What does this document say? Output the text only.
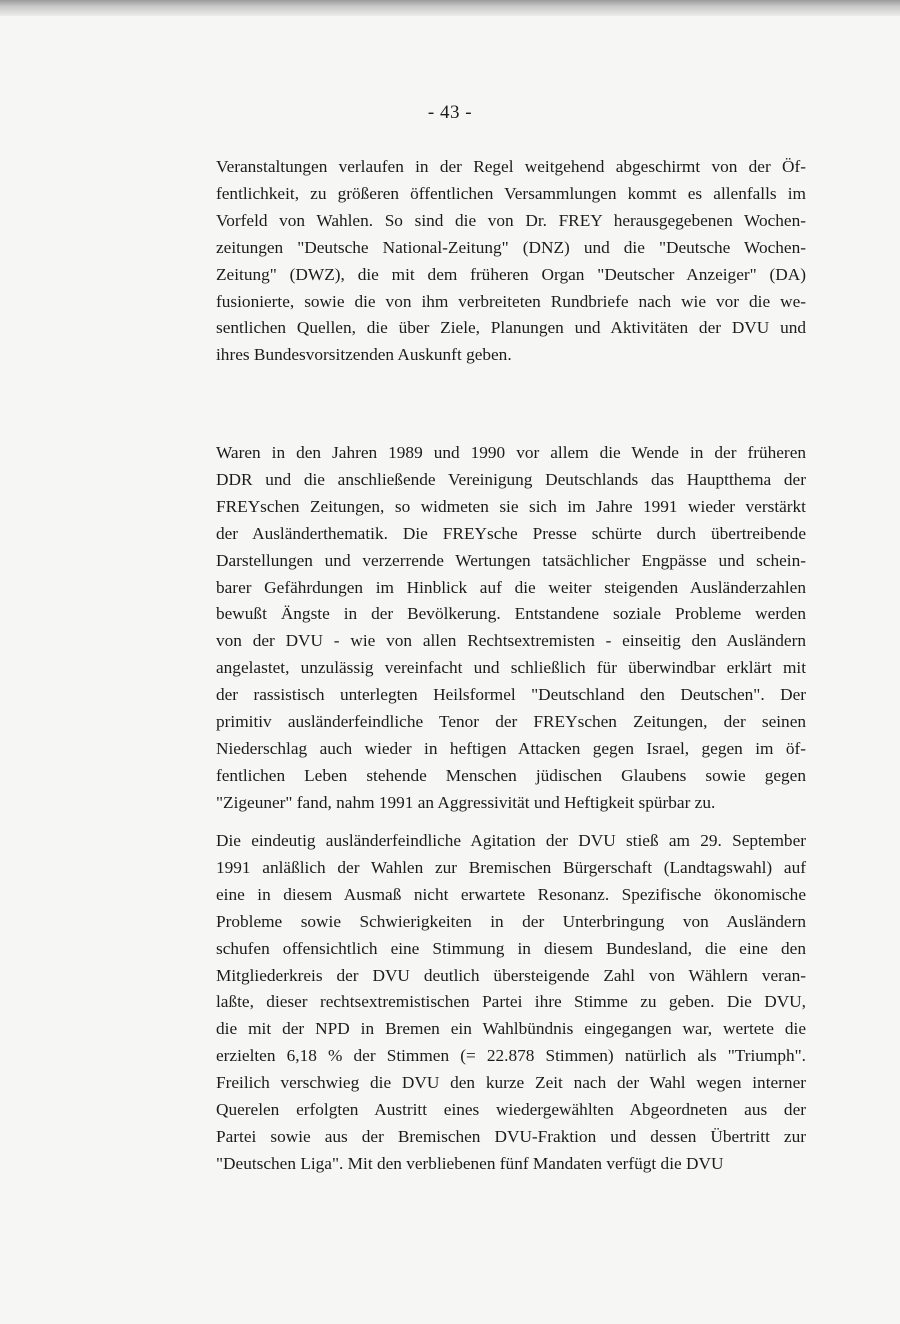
- 43 -
Veranstaltungen verlaufen in der Regel weitgehend abgeschirmt von der Öf-
fentlichkeit, zu größeren öffentlichen Versammlungen kommt es allenfalls im
Vorfeld von Wahlen. So sind die von Dr. FREY herausgegebenen Wochen-
zeitungen "Deutsche National-Zeitung" (DNZ) und die "Deutsche Wochen-
Zeitung" (DWZ), die mit dem früheren Organ "Deutscher Anzeiger" (DA)
fusionierte, sowie die von ihm verbreiteten Rundbriefe nach wie vor die we-
sentlichen Quellen, die über Ziele, Planungen und Aktivitäten der DVU und
ihres Bundesvorsitzenden Auskunft geben.
Waren in den Jahren 1989 und 1990 vor allem die Wende in der früheren
DDR und die anschließende Vereinigung Deutschlands das Hauptthema der
FREYschen Zeitungen, so widmeten sie sich im Jahre 1991 wieder verstärkt
der Ausländerthematik. Die FREYsche Presse schürte durch übertreibende
Darstellungen und verzerrende Wertungen tatsächlicher Engpässe und schein-
barer Gefährdungen im Hinblick auf die weiter steigenden Ausländerzahlen
bewußt Ängste in der Bevölkerung. Entstandene soziale Probleme werden
von der DVU - wie von allen Rechtsextremisten - einseitig den Ausländern
angelastet, unzulässig vereinfacht und schließlich für überwindbar erklärt mit
der rassistisch unterlegten Heilsformel "Deutschland den Deutschen". Der
primitiv ausländerfeindliche Tenor der FREYschen Zeitungen, der seinen
Niederschlag auch wieder in heftigen Attacken gegen Israel, gegen im öf-
fentlichen Leben stehende Menschen jüdischen Glaubens sowie gegen
"Zigeuner" fand, nahm 1991 an Aggressivität und Heftigkeit spürbar zu.
Die eindeutig ausländerfeindliche Agitation der DVU stieß am 29. September
1991 anläßlich der Wahlen zur Bremischen Bürgerschaft (Landtagswahl) auf
eine in diesem Ausmaß nicht erwartete Resonanz. Spezifische ökonomische
Probleme sowie Schwierigkeiten in der Unterbringung von Ausländern
schufen offensichtlich eine Stimmung in diesem Bundesland, die eine den
Mitgliederkreis der DVU deutlich übersteigende Zahl von Wählern veran-
laßte, dieser rechtsextremistischen Partei ihre Stimme zu geben. Die DVU,
die mit der NPD in Bremen ein Wahlbündnis eingegangen war, wertete die
erzielten 6,18 % der Stimmen (= 22.878 Stimmen) natürlich als "Triumph".
Freilich verschwieg die DVU den kurze Zeit nach der Wahl wegen interner
Querelen erfolgten Austritt eines wiedergewählten Abgeordneten aus der
Partei sowie aus der Bremischen DVU-Fraktion und dessen Übertritt zur
"Deutschen Liga". Mit den verbliebenen fünf Mandaten verfügt die DVU
